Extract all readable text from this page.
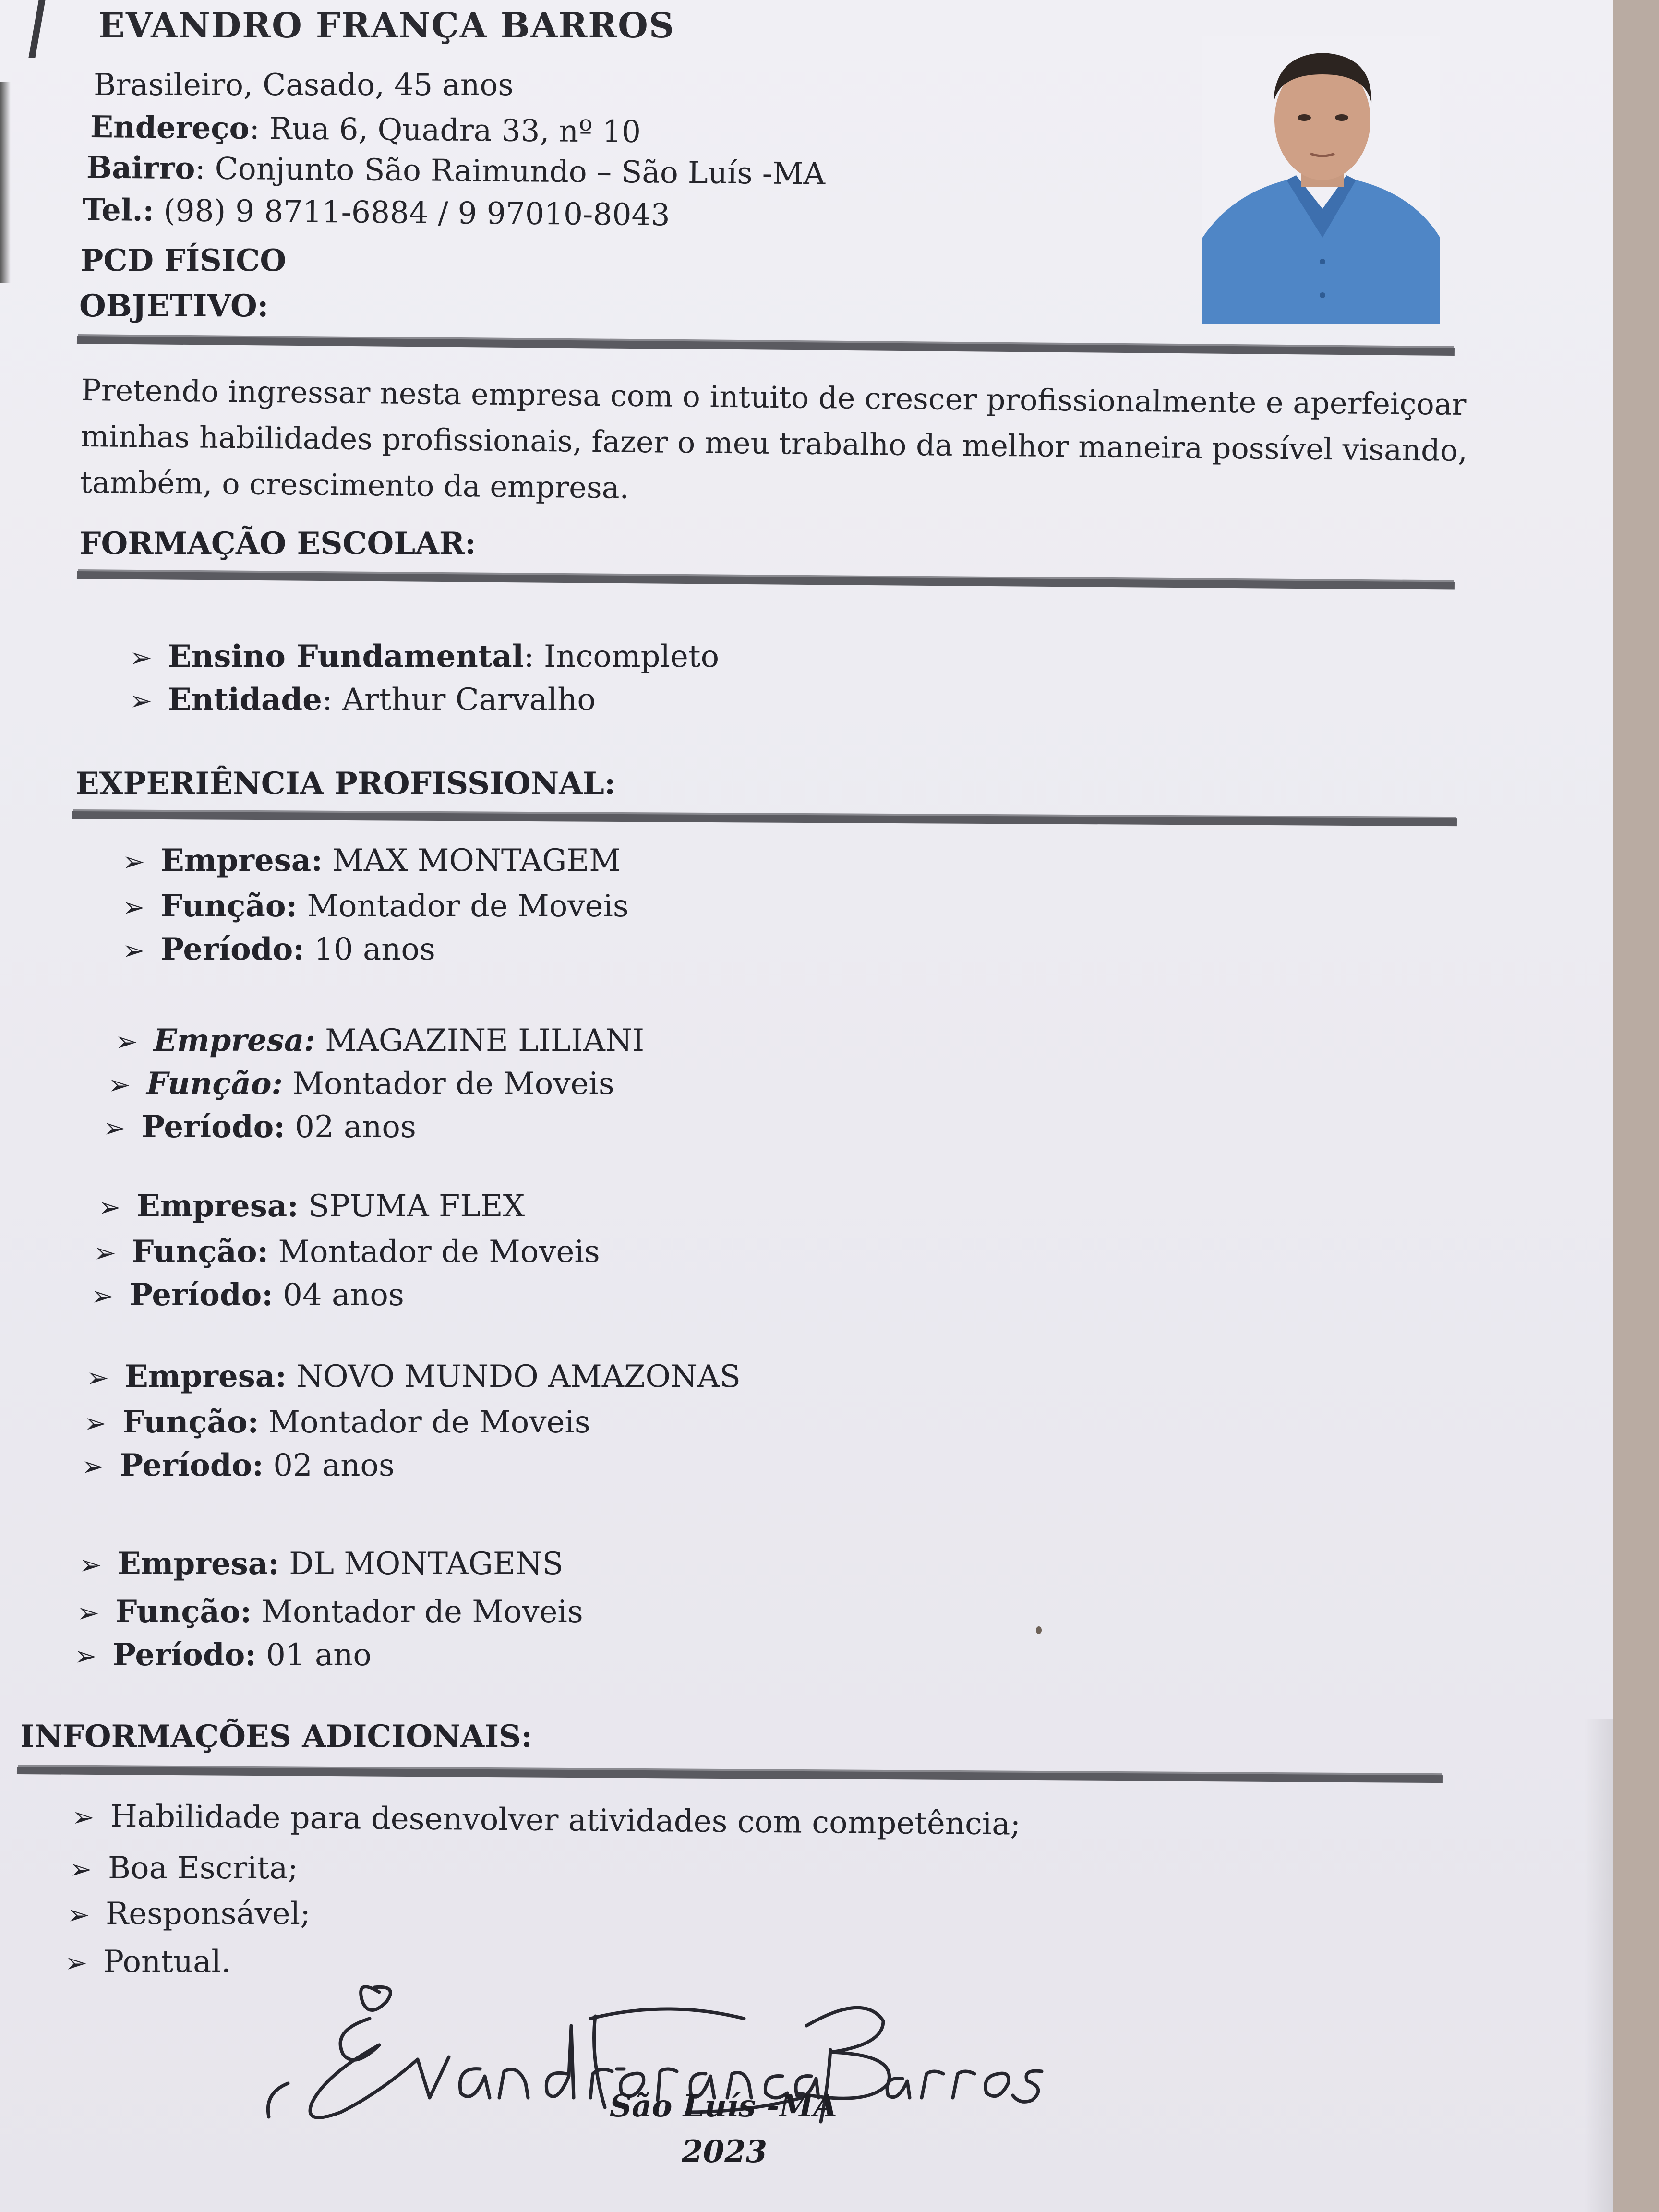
EVANDRO FRANÇA BARROS
Brasileiro, Casado, 45 anos
Endereço: Rua 6, Quadra 33, nº 10
Bairro: Conjunto São Raimundo – São Luís -MA
Tel.: (98) 9 8711-6884 / 9 97010-8043
PCD FÍSICO
OBJETIVO:
Pretendo ingressar nesta empresa com o intuito de crescer profissionalmente e aperfeiçoar
minhas habilidades profissionais, fazer o meu trabalho da melhor maneira possível visando,
também, o crescimento da empresa.
FORMAÇÃO ESCOLAR:
➢ Ensino Fundamental: Incompleto
➢ Entidade: Arthur Carvalho
EXPERIÊNCIA PROFISSIONAL:
➢ Empresa: MAX MONTAGEM
➢ Função: Montador de Moveis
➢ Período: 10 anos
➢ Empresa: MAGAZINE LILIANI
➢ Função: Montador de Moveis
➢ Período: 02 anos
➢ Empresa: SPUMA FLEX
➢ Função: Montador de Moveis
➢ Período: 04 anos
➢ Empresa: NOVO MUNDO AMAZONAS
➢ Função: Montador de Moveis
➢ Período: 02 anos
➢ Empresa: DL MONTAGENS
➢ Função: Montador de Moveis
➢ Período: 01 ano
INFORMAÇÕES ADICIONAIS:
➢ Habilidade para desenvolver atividades com competência;
➢ Boa Escrita;
➢ Responsável;
➢ Pontual.
São Luís -MA
2023
